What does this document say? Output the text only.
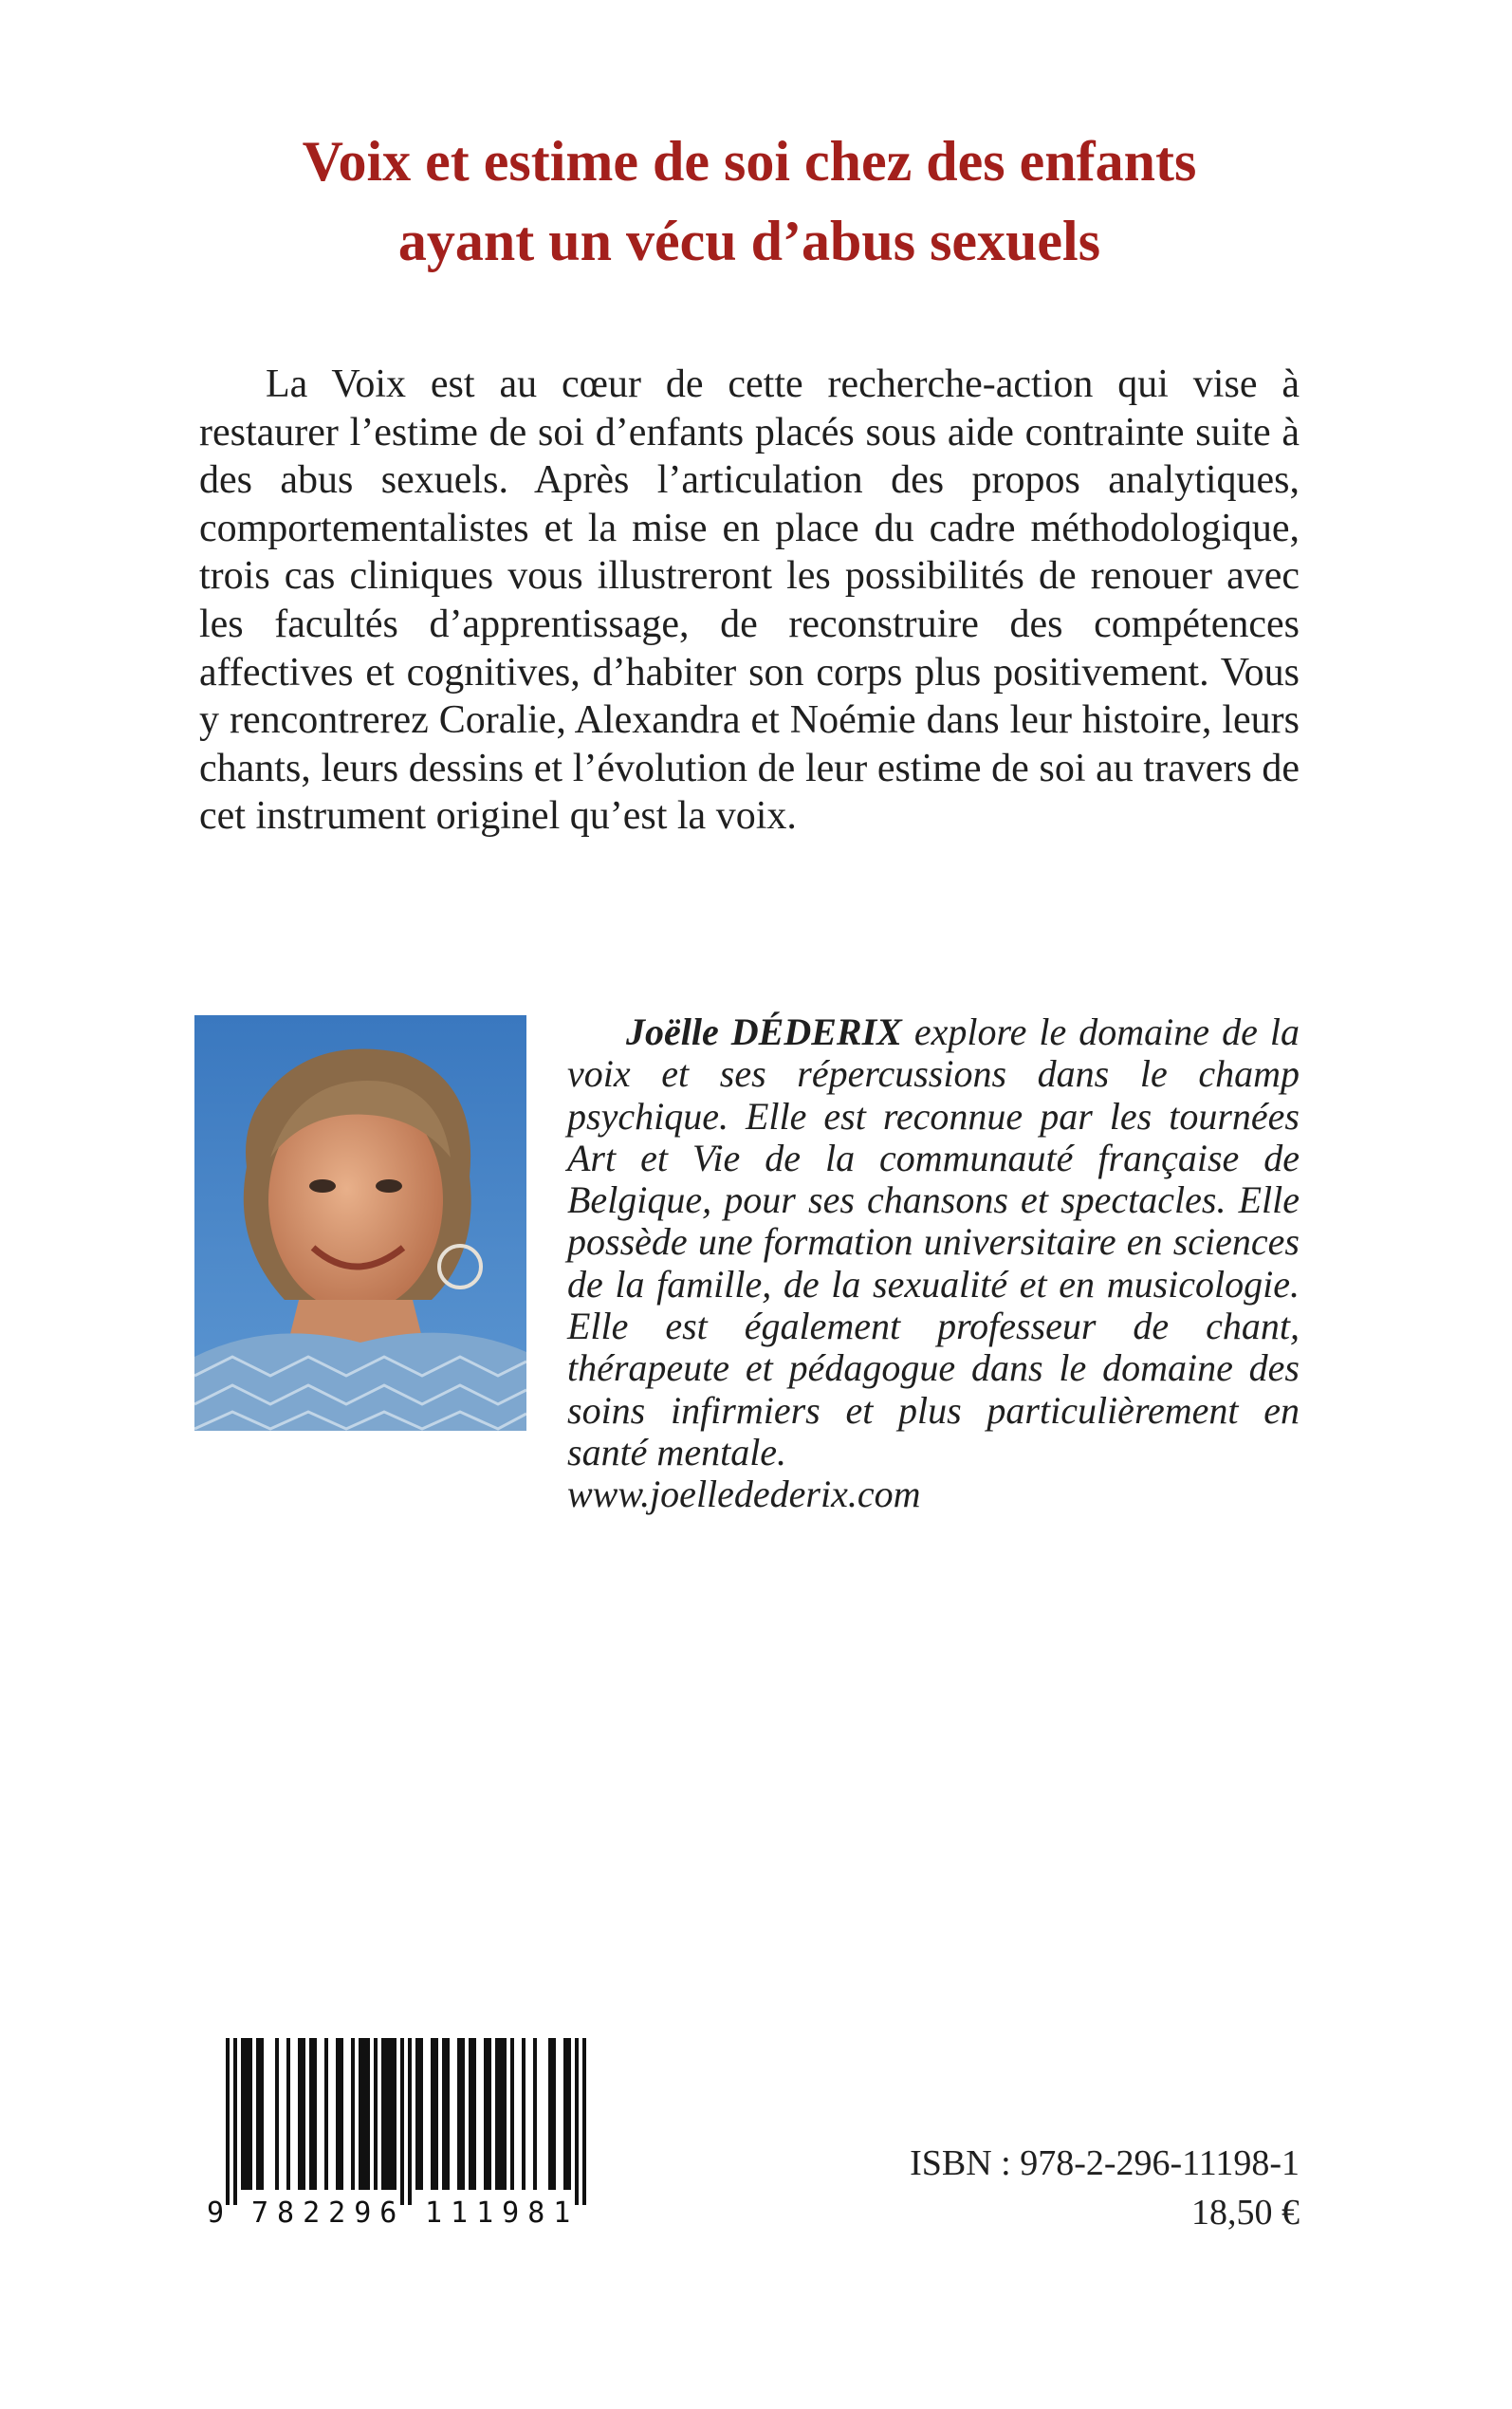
Voix et estime de soi chez des enfants
ayant un vécu d’abus sexuels

La Voix est au cœur de cette recherche-action qui vise à restaurer l’estime de soi d’enfants placés sous aide contrainte suite à des abus sexuels. Après l’articulation des propos analytiques, comportementalistes et la mise en place du cadre méthodologique, trois cas cliniques vous illustreront les possibilités de renouer avec les facultés d’apprentissage, de reconstruire des compétences affectives et cognitives, d’habiter son corps plus positivement. Vous y rencontrerez Coralie, Alexandra et Noémie dans leur histoire, leurs chants, leurs dessins et l’évolution de leur estime de soi au travers de cet instrument originel qu’est la voix.

Joëlle DÉDERIX explore le domaine de la voix et ses répercussions dans le champ psychique. Elle est reconnue par les tournées Art et Vie de la communauté française de Belgique, pour ses chansons et spectacles. Elle possède une formation universitaire en sciences de la famille, de la sexualité et en musicologie. Elle est également professeur de chant, thérapeute et pédagogue dans le domaine des soins infirmiers et plus particulièrement en santé mentale.
www.joelledederix.com

9 782296 111981

ISBN : 978-2-296-11198-1

18,50 €
